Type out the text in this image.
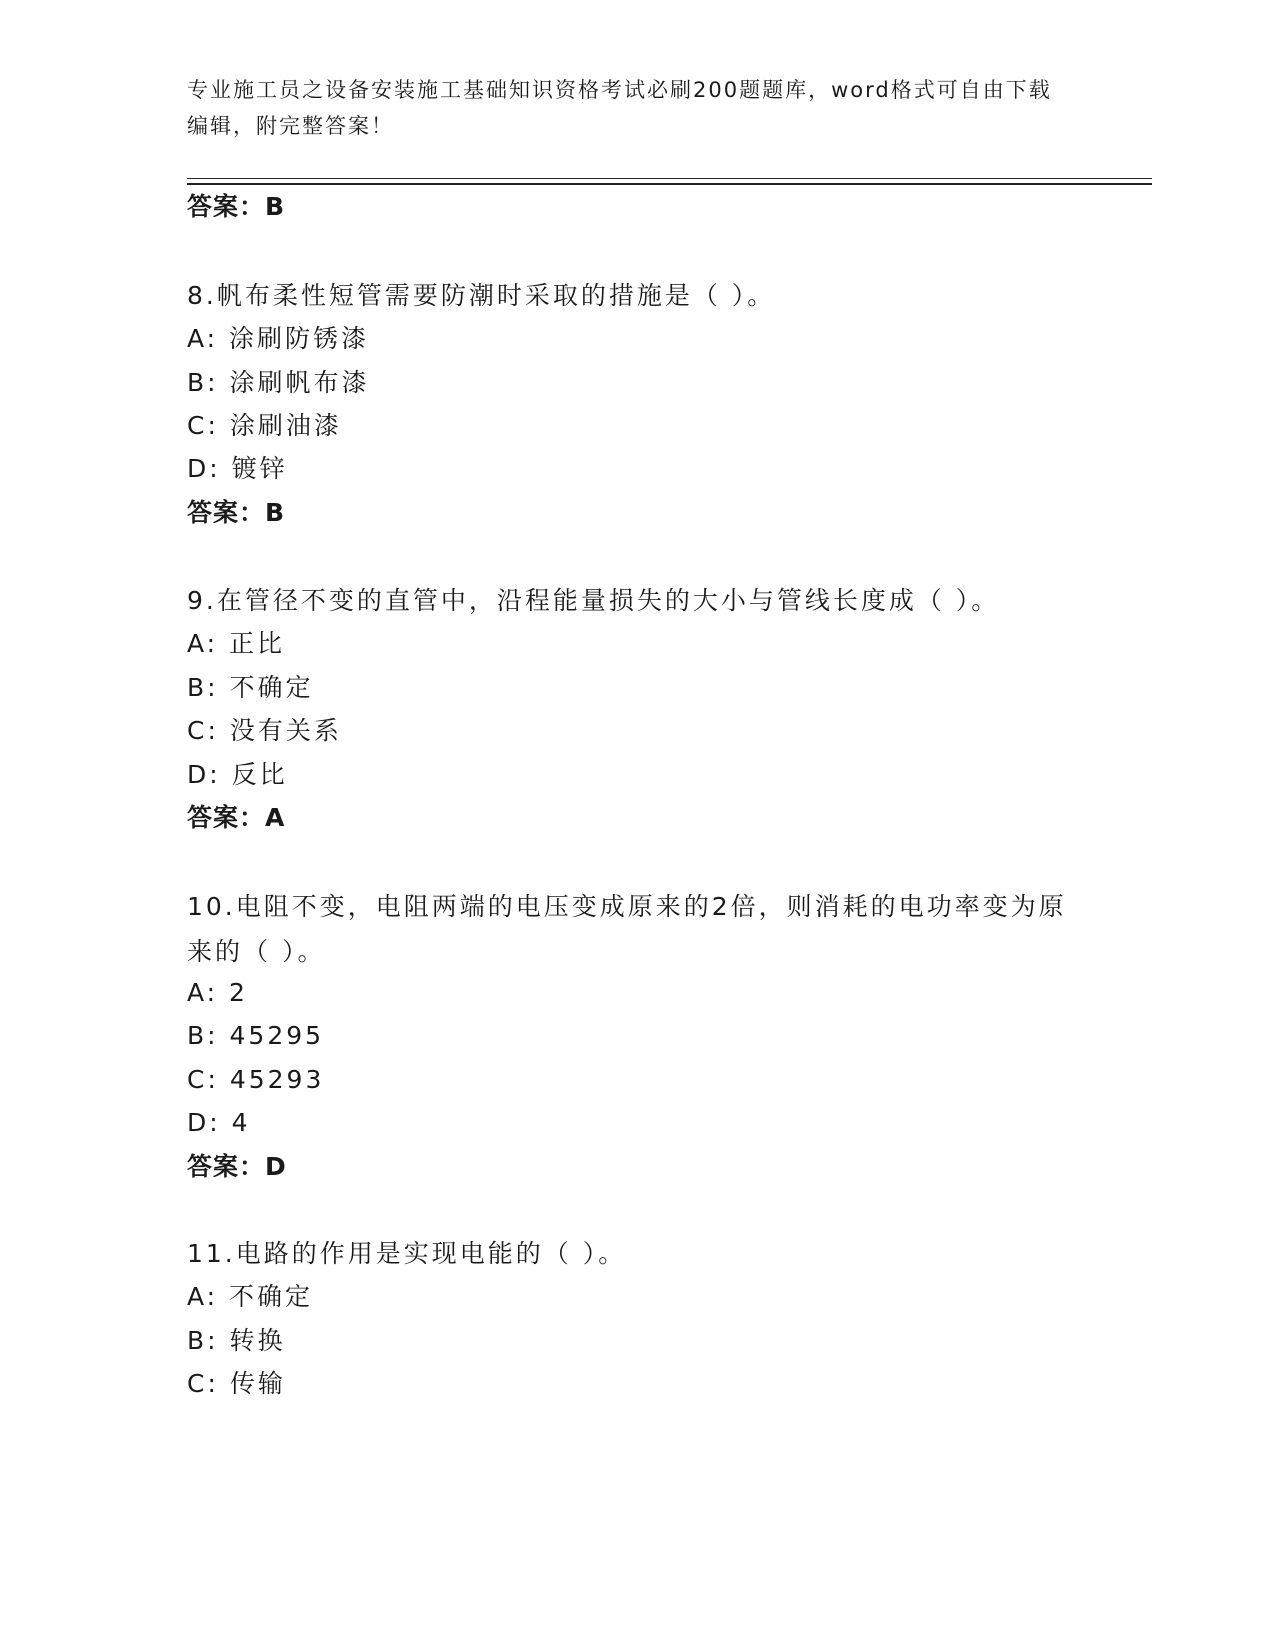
专业施工员之设备安装施工基础知识资格考试必刷200题题库，word格式可自由下载编辑，附完整答案！
答案：B
8.帆布柔性短管需要防潮时采取的措施是（ ）。
A: 涂刷防锈漆
B: 涂刷帆布漆
C: 涂刷油漆
D: 镀锌
答案：B
9.在管径不变的直管中，沿程能量损失的大小与管线长度成（ ）。
A: 正比
B: 不确定
C: 没有关系
D: 反比
答案：A
10.电阻不变，电阻两端的电压变成原来的2倍，则消耗的电功率变为原来的（ ）。
A: 2
B: 45295
C: 45293
D: 4
答案：D
11.电路的作用是实现电能的（ ）。
A: 不确定
B: 转换
C: 传输
